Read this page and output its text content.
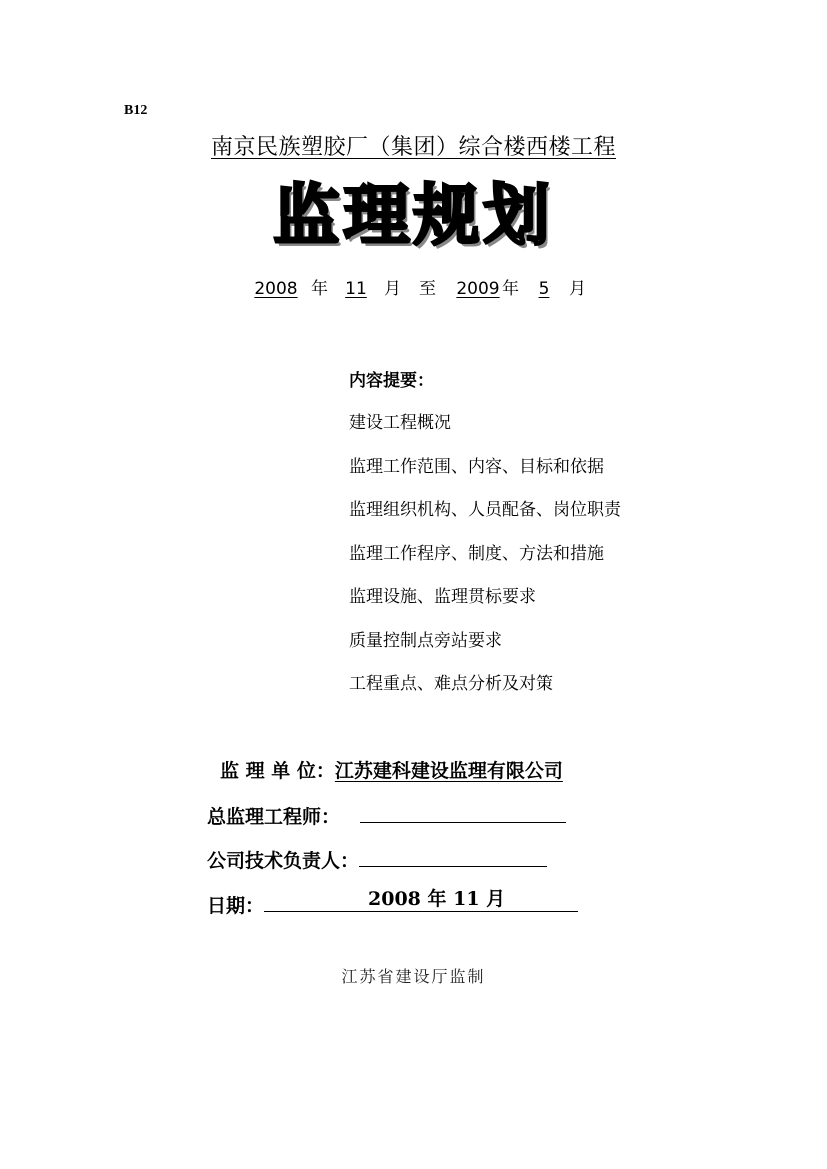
B12
南京民族塑胶厂（集团）综合楼西楼工程
监理规划
2008 年 11 月 至 2009 年 5 月
内容提要：
建设工程概况
监理工作范围、内容、目标和依据
监理组织机构、人员配备、岗位职责
监理工作程序、制度、方法和措施
监理设施、监理贯标要求
质量控制点旁站要求
工程重点、难点分析及对策
监 理 单 位：江苏建科建设监理有限公司
总监理工程师：
公司技术负责人：
日期：	2008 年 11 月
江苏省建设厅监制
